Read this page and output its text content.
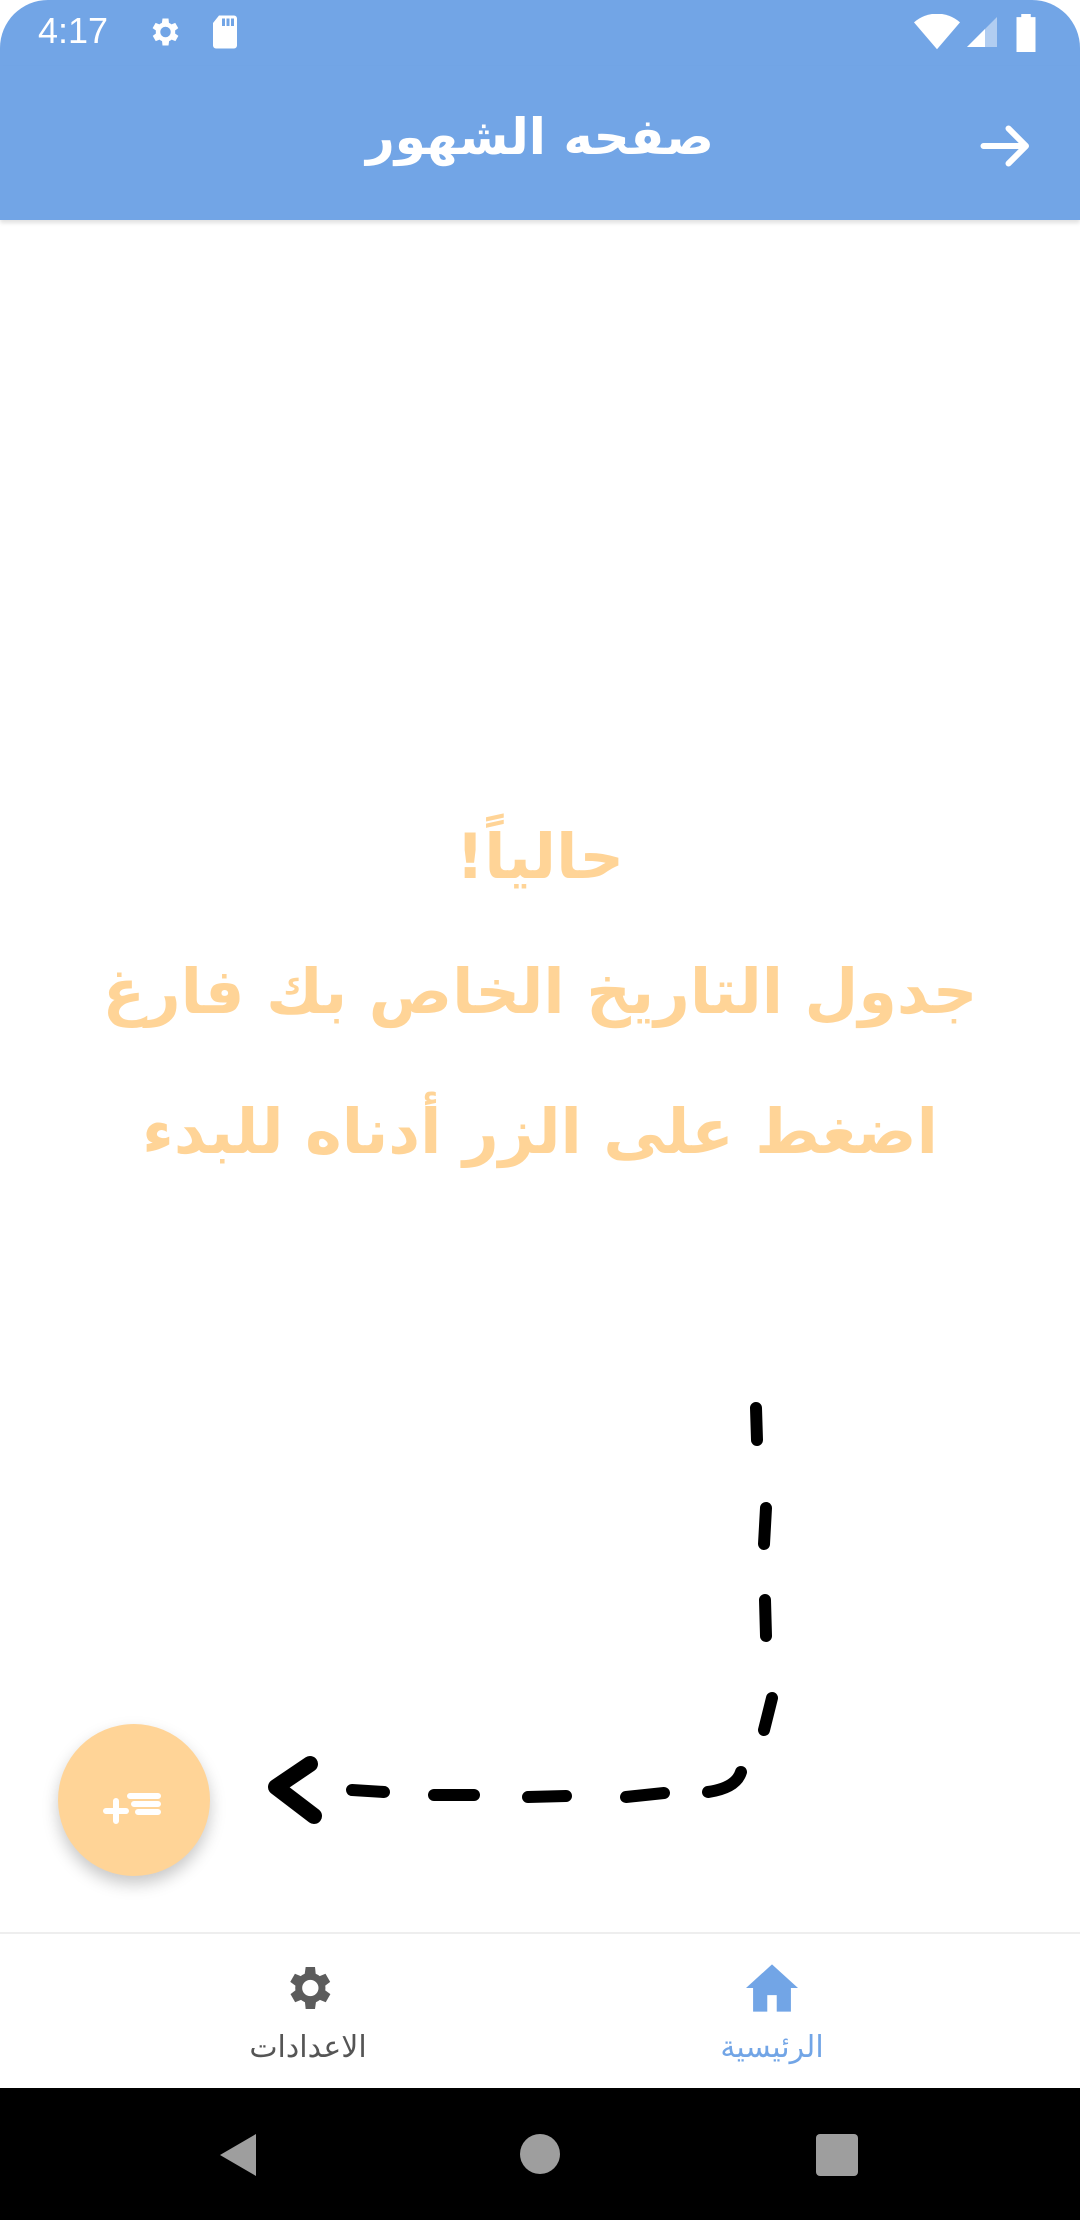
4:17
صفحه الشهور
حالياً!
جدول التاريخ الخاص بك فارغ
اضغط على الزر أدناه للبدء
الاعدادات	الرئيسية
